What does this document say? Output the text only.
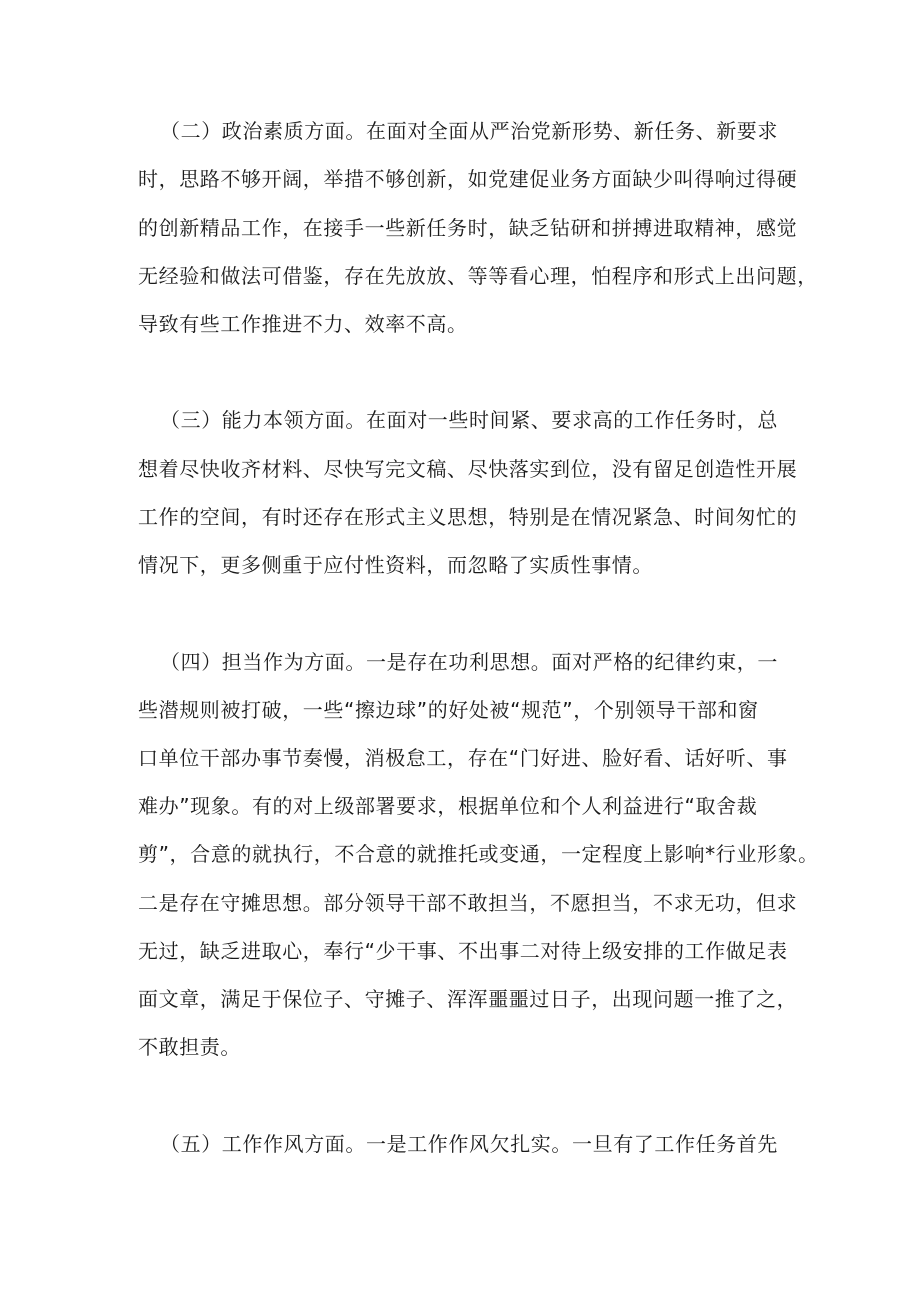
（二）政治素质方面。在面对全面从严治党新形势、新任务、新要求
时，思路不够开阔，举措不够创新，如党建促业务方面缺少叫得响过得硬
的创新精品工作，在接手一些新任务时，缺乏钻研和拼搏进取精神，感觉
无经验和做法可借鉴，存在先放放、等等看心理，怕程序和形式上出问题，
导致有些工作推进不力、效率不高。
（三）能力本领方面。在面对一些时间紧、要求高的工作任务时，总
想着尽快收齐材料、尽快写完文稿、尽快落实到位，没有留足创造性开展
工作的空间，有时还存在形式主义思想，特别是在情况紧急、时间匆忙的
情况下，更多侧重于应付性资料，而忽略了实质性事情。
（四）担当作为方面。一是存在功利思想。面对严格的纪律约束，一
些潜规则被打破，一些“擦边球”的好处被“规范”，个别领导干部和窗
口单位干部办事节奏慢，消极怠工，存在“门好进、脸好看、话好听、事
难办”现象。有的对上级部署要求，根据单位和个人利益进行“取舍裁
剪”，合意的就执行，不合意的就推托或变通，一定程度上影响*行业形象。
二是存在守摊思想。部分领导干部不敢担当，不愿担当，不求无功，但求
无过，缺乏进取心，奉行“少干事、不出事二对待上级安排的工作做足表
面文章，满足于保位子、守摊子、浑浑噩噩过日子，出现问题一推了之，
不敢担责。
（五）工作作风方面。一是工作作风欠扎实。一旦有了工作任务首先
